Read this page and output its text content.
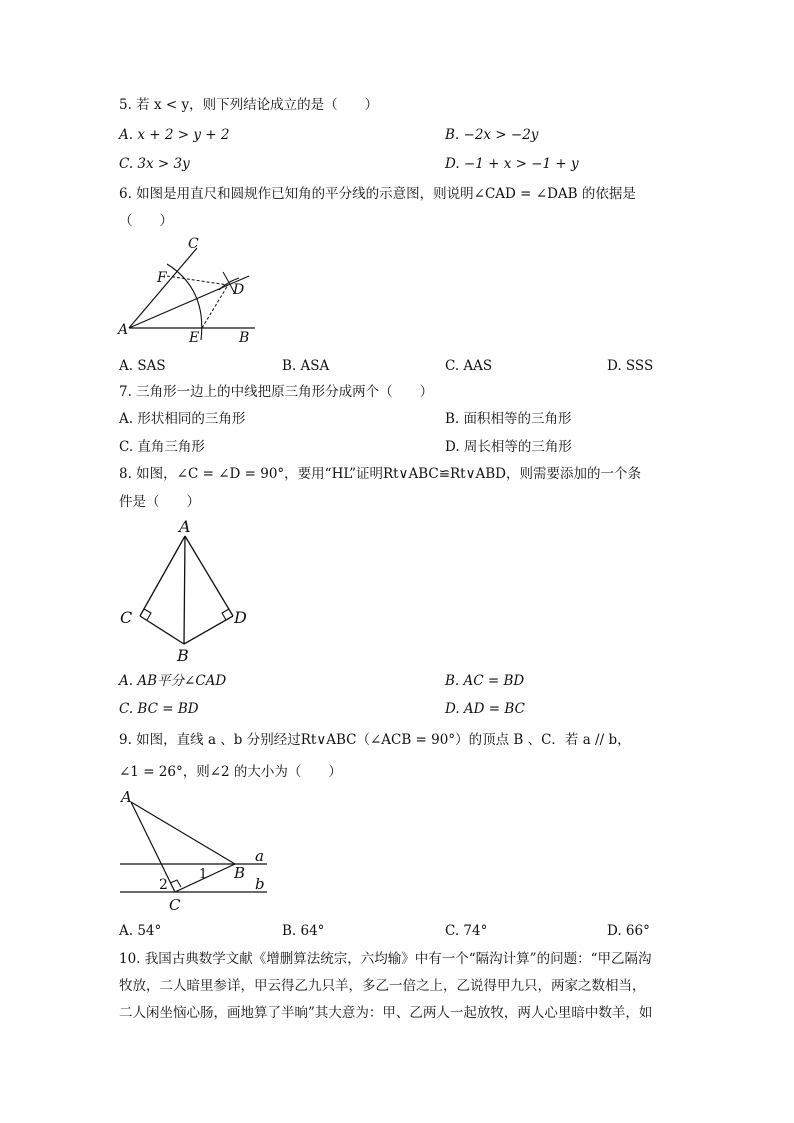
5. 若 x < y，则下列结论成立的是（　　）
A. x + 2 > y + 2	B. −2x > −2y
C. 3x > 3y	D. −1 + x > −1 + y
6. 如图是用直尺和圆规作已知角的平分线的示意图，则说明∠CAD = ∠DAB 的依据是
（　　）
C
F
D
A	E	B
A. SAS	B. ASA	C. AAS	D. SSS
7. 三角形一边上的中线把原三角形分成两个（　　）
A. 形状相同的三角形	B. 面积相等的三角形
C. 直角三角形	D. 周长相等的三角形
8. 如图，∠C = ∠D = 90°，要用“HL”证明Rt∨ABC≌Rt∨ABD，则需要添加的一个条
件是（　　）
A
C	D
B
A. AB平分∠CAD	B. AC = BD
C. BC = BD	D. AD = BC
9. 如图，直线 a 、b 分别经过Rt∨ABC（∠ACB = 90°）的顶点 B 、C．若 a // b，
∠1 = 26°，则∠2 的大小为（　　）
A
B
C
a
b
1
2
A. 54°	B. 64°	C. 74°	D. 66°
10. 我国古典数学文献《增删算法统宗，六均输》中有一个“隔沟计算”的问题：“甲乙隔沟
牧放，二人暗里参详，甲云得乙九只羊，多乙一倍之上，乙说得甲九只，两家之数相当，
二人闲坐恼心肠，画地算了半晌”其大意为：甲、乙两人一起放牧，两人心里暗中数羊，如
